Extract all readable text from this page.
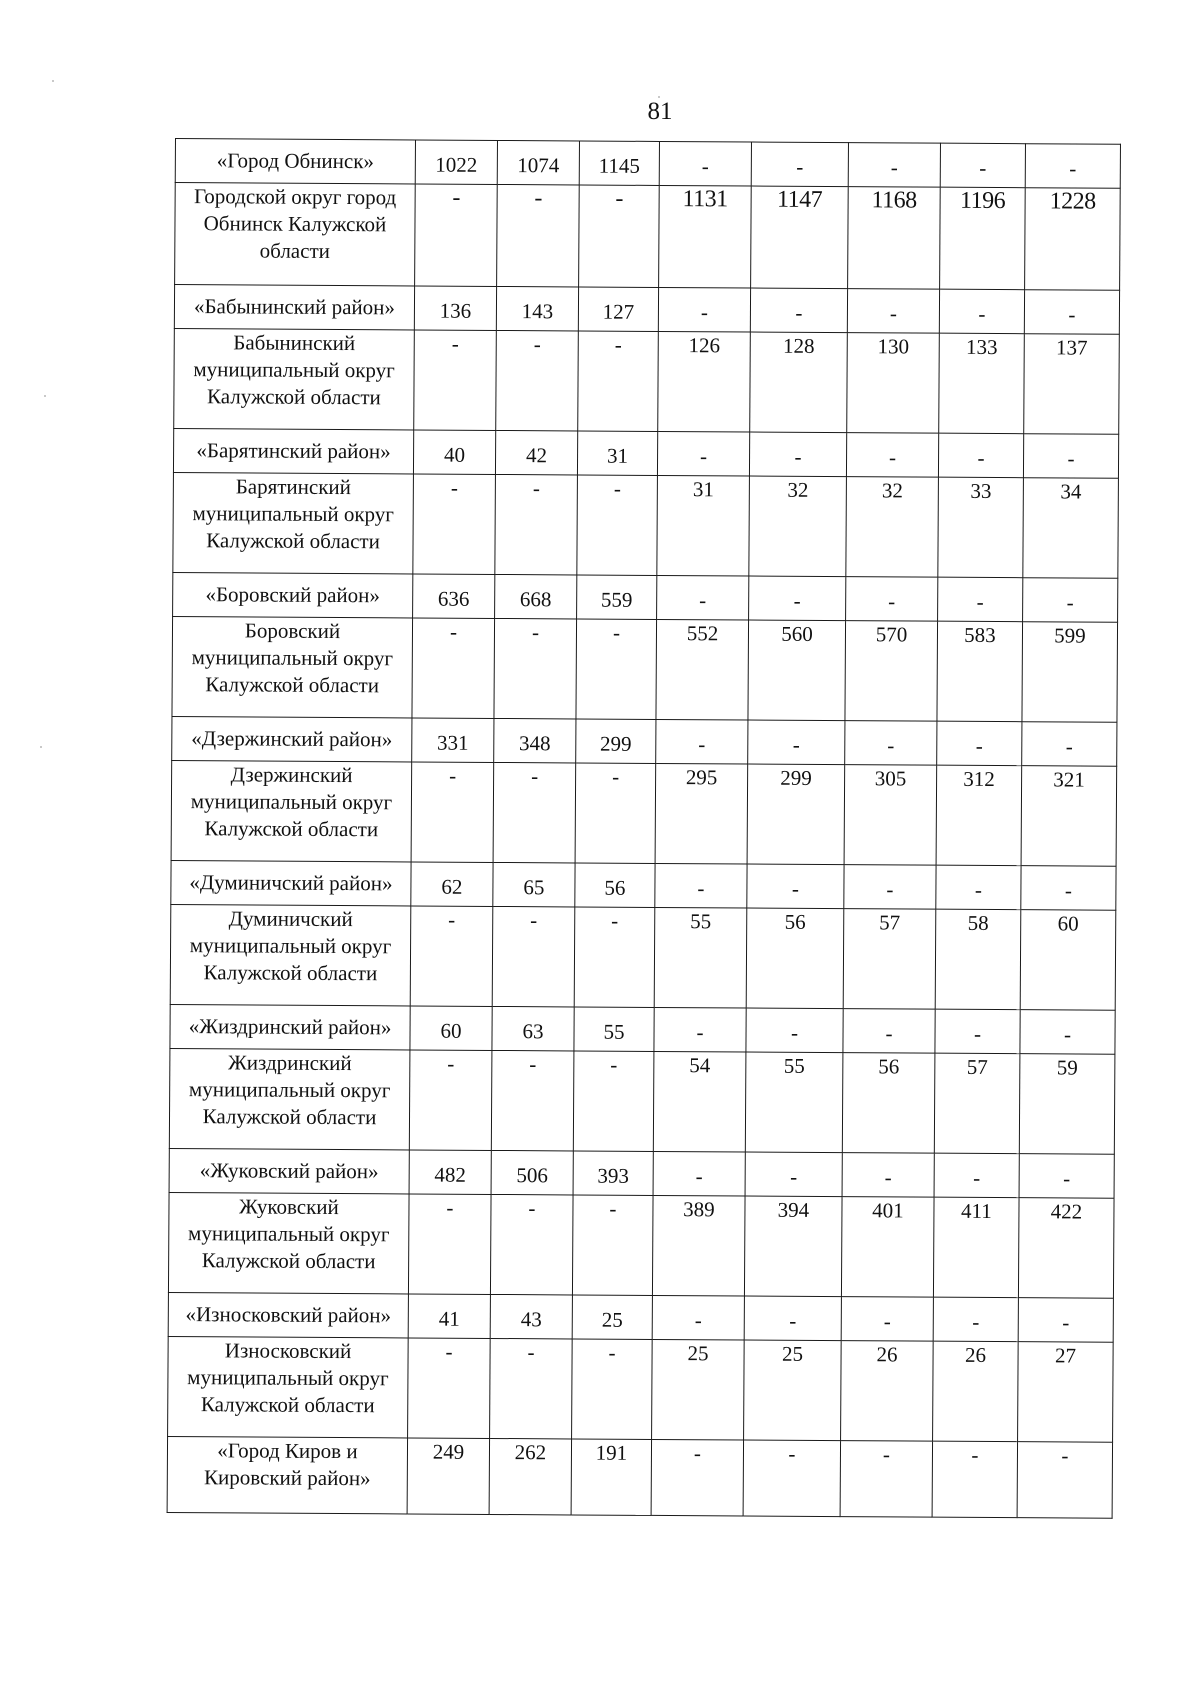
81
«Город Обнинск»	1022	1074	1145	-	-	-	-	-
Городской округ город Обнинск Калужской области	-	-	-	1131	1147	1168	1196	1228
«Бабынинский район»	136	143	127	-	-	-	-	-
Бабынинский муниципальный округ Калужской области	-	-	-	126	128	130	133	137
«Барятинский район»	40	42	31	-	-	-	-	-
Барятинский муниципальный округ Калужской области	-	-	-	31	32	32	33	34
«Боровский район»	636	668	559	-	-	-	-	-
Боровский муниципальный округ Калужской области	-	-	-	552	560	570	583	599
«Дзержинский район»	331	348	299	-	-	-	-	-
Дзержинский муниципальный округ Калужской области	-	-	-	295	299	305	312	321
«Думиничский район»	62	65	56	-	-	-	-	-
Думиничский муниципальный округ Калужской области	-	-	-	55	56	57	58	60
«Жиздринский район»	60	63	55	-	-	-	-	-
Жиздринский муниципальный округ Калужской области	-	-	-	54	55	56	57	59
«Жуковский район»	482	506	393	-	-	-	-	-
Жуковский муниципальный округ Калужской области	-	-	-	389	394	401	411	422
«Износковский район»	41	43	25	-	-	-	-	-
Износковский муниципальный округ Калужской области	-	-	-	25	25	26	26	27
«Город Киров и Кировский район»	249	262	191	-	-	-	-	-
